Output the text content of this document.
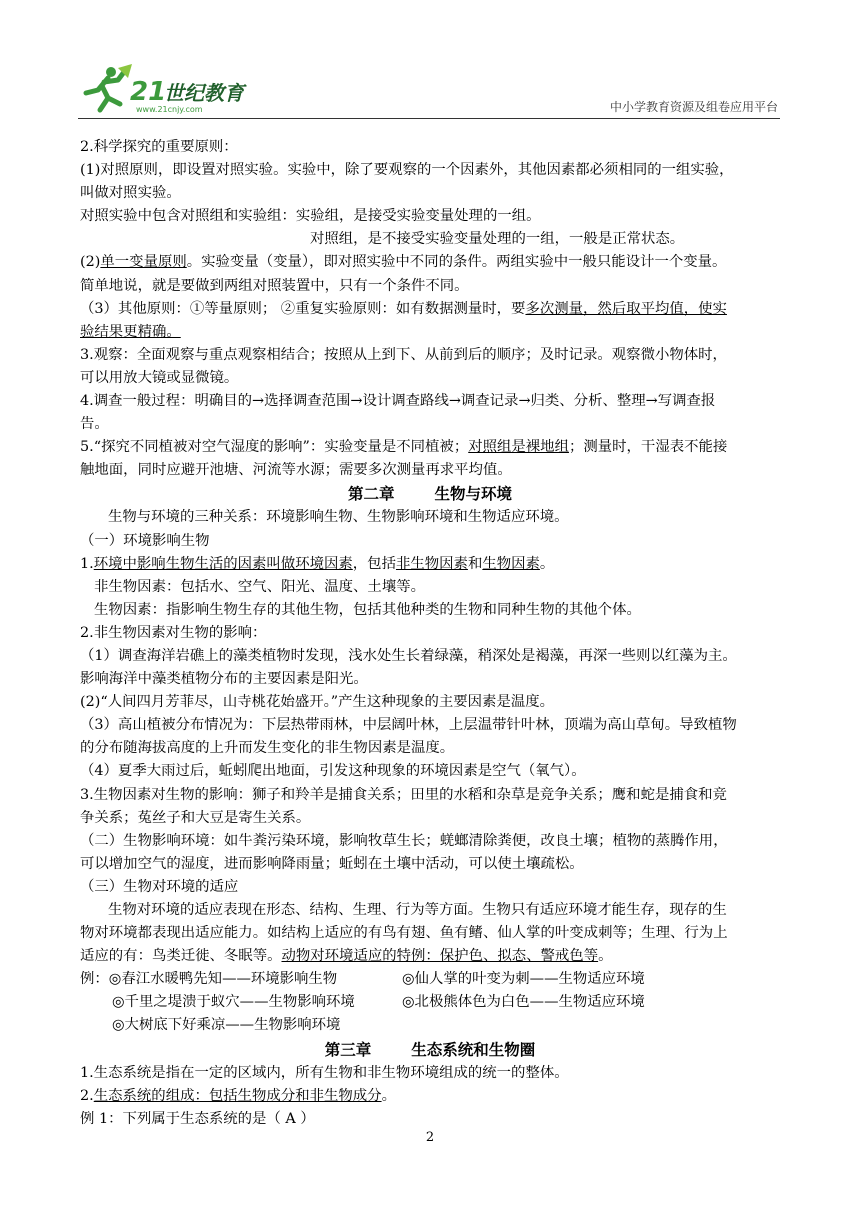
21
世纪教育
www.21cnjy.com	中小学教育资源及组卷应用平台
2.科学探究的重要原则：
(1)对照原则，即设置对照实验。实验中，除了要观察的一个因素外，其他因素都必须相同的一组实验，
叫做对照实验。
对照实验中包含对照组和实验组：实验组，是接受实验变量处理的一组。
对照组，是不接受实验变量处理的一组，一般是正常状态。
(2)单一变量原则。实验变量（变量），即对照实验中不同的条件。两组实验中一般只能设计一个变量。
简单地说，就是要做到两组对照装置中，只有一个条件不同。
（3）其他原则：①等量原则； ②重复实验原则：如有数据测量时，要多次测量，然后取平均值，使实
验结果更精确。
3.观察：全面观察与重点观察相结合；按照从上到下、从前到后的顺序；及时记录。观察微小物体时，
可以用放大镜或显微镜。
4.调查一般过程：明确目的→选择调查范围→设计调查路线→调查记录→归类、分析、整理→写调查报
告。
5.“探究不同植被对空气湿度的影响”：实验变量是不同植被；对照组是裸地组；测量时，干湿表不能接
触地面，同时应避开池塘、河流等水源；需要多次测量再求平均值。
第二章	生物与环境
生物与环境的三种关系：环境影响生物、生物影响环境和生物适应环境。
（一）环境影响生物
1.环境中影响生物生活的因素叫做环境因素，包括非生物因素和生物因素。
非生物因素：包括水、空气、阳光、温度、土壤等。
生物因素：指影响生物生存的其他生物，包括其他种类的生物和同种生物的其他个体。
2.非生物因素对生物的影响：
（1）调查海洋岩礁上的藻类植物时发现，浅水处生长着绿藻，稍深处是褐藻，再深一些则以红藻为主。
影响海洋中藻类植物分布的主要因素是阳光。
(2)“人间四月芳菲尽，山寺桃花始盛开。”产生这种现象的主要因素是温度。
（3）高山植被分布情况为：下层热带雨林，中层阔叶林，上层温带针叶林，顶端为高山草甸。导致植物
的分布随海拔高度的上升而发生变化的非生物因素是温度。
（4）夏季大雨过后，蚯蚓爬出地面，引发这种现象的环境因素是空气（氧气）。
3.生物因素对生物的影响：狮子和羚羊是捕食关系；田里的水稻和杂草是竞争关系；鹰和蛇是捕食和竞
争关系；菟丝子和大豆是寄生关系。
（二）生物影响环境：如牛粪污染环境，影响牧草生长；蜣螂清除粪便，改良土壤；植物的蒸腾作用，
可以增加空气的湿度，进而影响降雨量；蚯蚓在土壤中活动，可以使土壤疏松。
（三）生物对环境的适应
生物对环境的适应表现在形态、结构、生理、行为等方面。生物只有适应环境才能生存，现存的生
物对环境都表现出适应能力。如结构上适应的有鸟有翅、鱼有鳍、仙人掌的叶变成刺等；生理、行为上
适应的有：鸟类迁徙、冬眠等。动物对环境适应的特例：保护色、拟态、警戒色等。
例：◎春江水暖鸭先知——环境影响生物	◎仙人掌的叶变为刺——生物适应环境
◎千里之堤溃于蚁穴——生物影响环境	◎北极熊体色为白色——生物适应环境
◎大树底下好乘凉——生物影响环境
第三章	生态系统和生物圈
1.生态系统是指在一定的区域内，所有生物和非生物环境组成的统一的整体。
2.生态系统的组成：包括生物成分和非生物成分。
例 1：下列属于生态系统的是（ A ）
2
